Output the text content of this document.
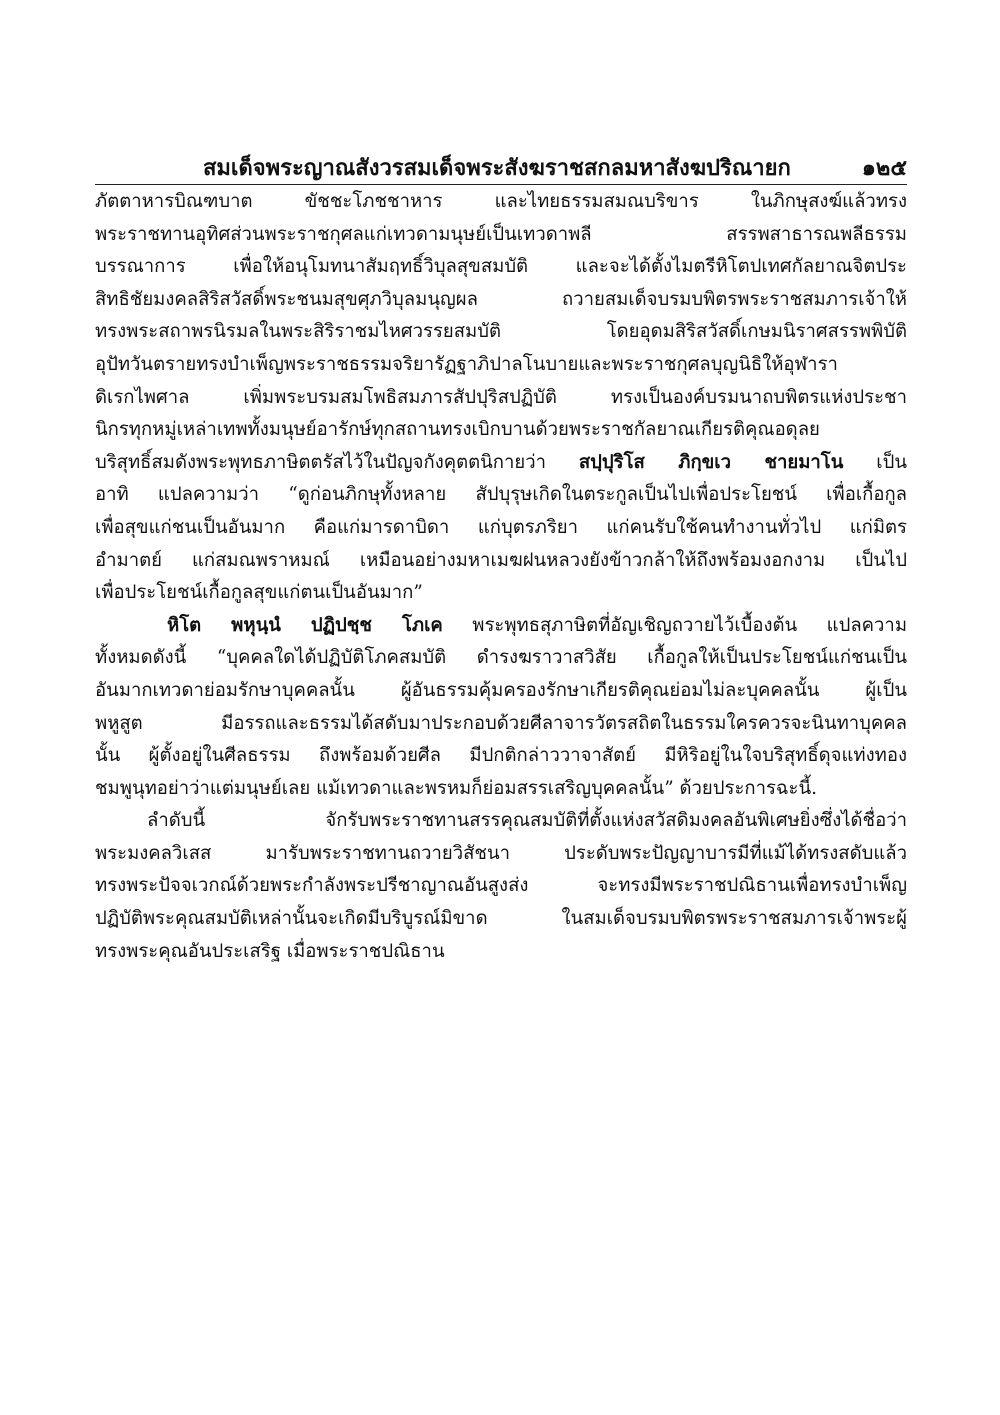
สมเด็จพระญาณสังวรสมเด็จพระสังฆราชสกลมหาสังฆปริณายก	๑๒๕
ภัตตาหารบิณฑบาต ขัชชะโภชชาหาร และไทยธรรมสมณบริขาร ในภิกษุสงฆ์แล้วทรง
พระราชทานอุทิศส่วนพระราชกุศลแก่เทวดามนุษย์เป็นเทวดาพลี สรรพสาธารณพลีธรรม
บรรณาการ เพื่อให้อนุโมทนาสัมฤทธิ์วิบุลสุขสมบัติ และจะได้ตั้งไมตรีหิโตปเทศกัลยาณจิตประ
สิทธิชัยมงคลสิริสวัสดิ์พระชนมสุขศุภวิบุลมนุญผล ถวายสมเด็จบรมบพิตรพระราชสมภารเจ้าให้
ทรงพระสถาพรนิรมลในพระสิริราชมไหศวรรยสมบัติ โดยอุดมสิริสวัสดิ์เกษมนิราศสรรพพิบัติ
อุปัทวันตรายทรงบำเพ็ญพระราชธรรมจริยารัฏฐาภิปาลโนบายและพระราชกุศลบุญนิธิให้อุฬารา
ดิเรกไพศาล เพิ่มพระบรมสมโพธิสมภารสัปปุริสปฏิบัติ ทรงเป็นองค์บรมนาถบพิตรแห่งประชา
นิกรทุกหมู่เหล่าเทพทั้งมนุษย์อารักษ์ทุกสถานทรงเบิกบานด้วยพระราชกัลยาณเกียรติคุณอดุลย
บริสุทธิ์สมดังพระพุทธภาษิตตรัสไว้ในปัญจกังคุตตนิกายว่า สปฺปุริโส ภิกฺขเว ชายมาโน เป็น
อาทิ แปลความว่า “ดูก่อนภิกษุทั้งหลาย สัปบุรุษเกิดในตระกูลเป็นไปเพื่อประโยชน์ เพื่อเกื้อกูล
เพื่อสุขแก่ชนเป็นอันมาก คือแก่มารดาบิดา แก่บุตรภริยา แก่คนรับใช้คนทำงานทั่วไป แก่มิตร
อำมาตย์ แก่สมณพราหมณ์ เหมือนอย่างมหาเมฆฝนหลวงยังข้าวกล้าให้ถึงพร้อมงอกงาม เป็นไป
เพื่อประโยชน์เกื้อกูลสุขแก่ตนเป็นอันมาก”
หิโต พหุนฺนํ ปฏิปชฺช โภเค พระพุทธสุภาษิตที่อัญเชิญถวายไว้เบื้องต้น แปลความ
ทั้งหมดดังนี้ “บุคคลใดได้ปฏิบัติโภคสมบัติ ดำรงฆราวาสวิสัย เกื้อกูลให้เป็นประโยชน์แก่ชนเป็น
อันมากเทวดาย่อมรักษาบุคคลนั้น ผู้อันธรรมคุ้มครองรักษาเกียรติคุณย่อมไม่ละบุคคลนั้น ผู้เป็น
พหูสูต มีอรรถและธรรมได้สดับมาประกอบด้วยศีลาจารวัตรสถิตในธรรมใครควรจะนินทาบุคคล
นั้น ผู้ตั้งอยู่ในศีลธรรม ถึงพร้อมด้วยศีล มีปกติกล่าววาจาสัตย์ มีหิริอยู่ในใจบริสุทธิ์ดุจแท่งทอง
ชมพูนุทอย่าว่าแต่มนุษย์เลย แม้เทวดาและพรหมก็ย่อมสรรเสริญบุคคลนั้น” ด้วยประการฉะนี้.
ลำดับนี้ จักรับพระราชทานสรรคุณสมบัติที่ตั้งแห่งสวัสดิมงคลอันพิเศษยิ่งซึ่งได้ชื่อว่า
พระมงคลวิเสส มารับพระราชทานถวายวิสัชนา ประดับพระปัญญาบารมีที่แม้ได้ทรงสดับแล้ว
ทรงพระปัจจเวกณ์ด้วยพระกำลังพระปรีชาญาณอันสูงส่ง จะทรงมีพระราชปณิธานเพื่อทรงบำเพ็ญ
ปฏิบัติพระคุณสมบัติเหล่านั้นจะเกิดมีบริบูรณ์มิขาด ในสมเด็จบรมบพิตรพระราชสมภารเจ้าพระผู้
ทรงพระคุณอันประเสริฐ เมื่อพระราชปณิธาน
